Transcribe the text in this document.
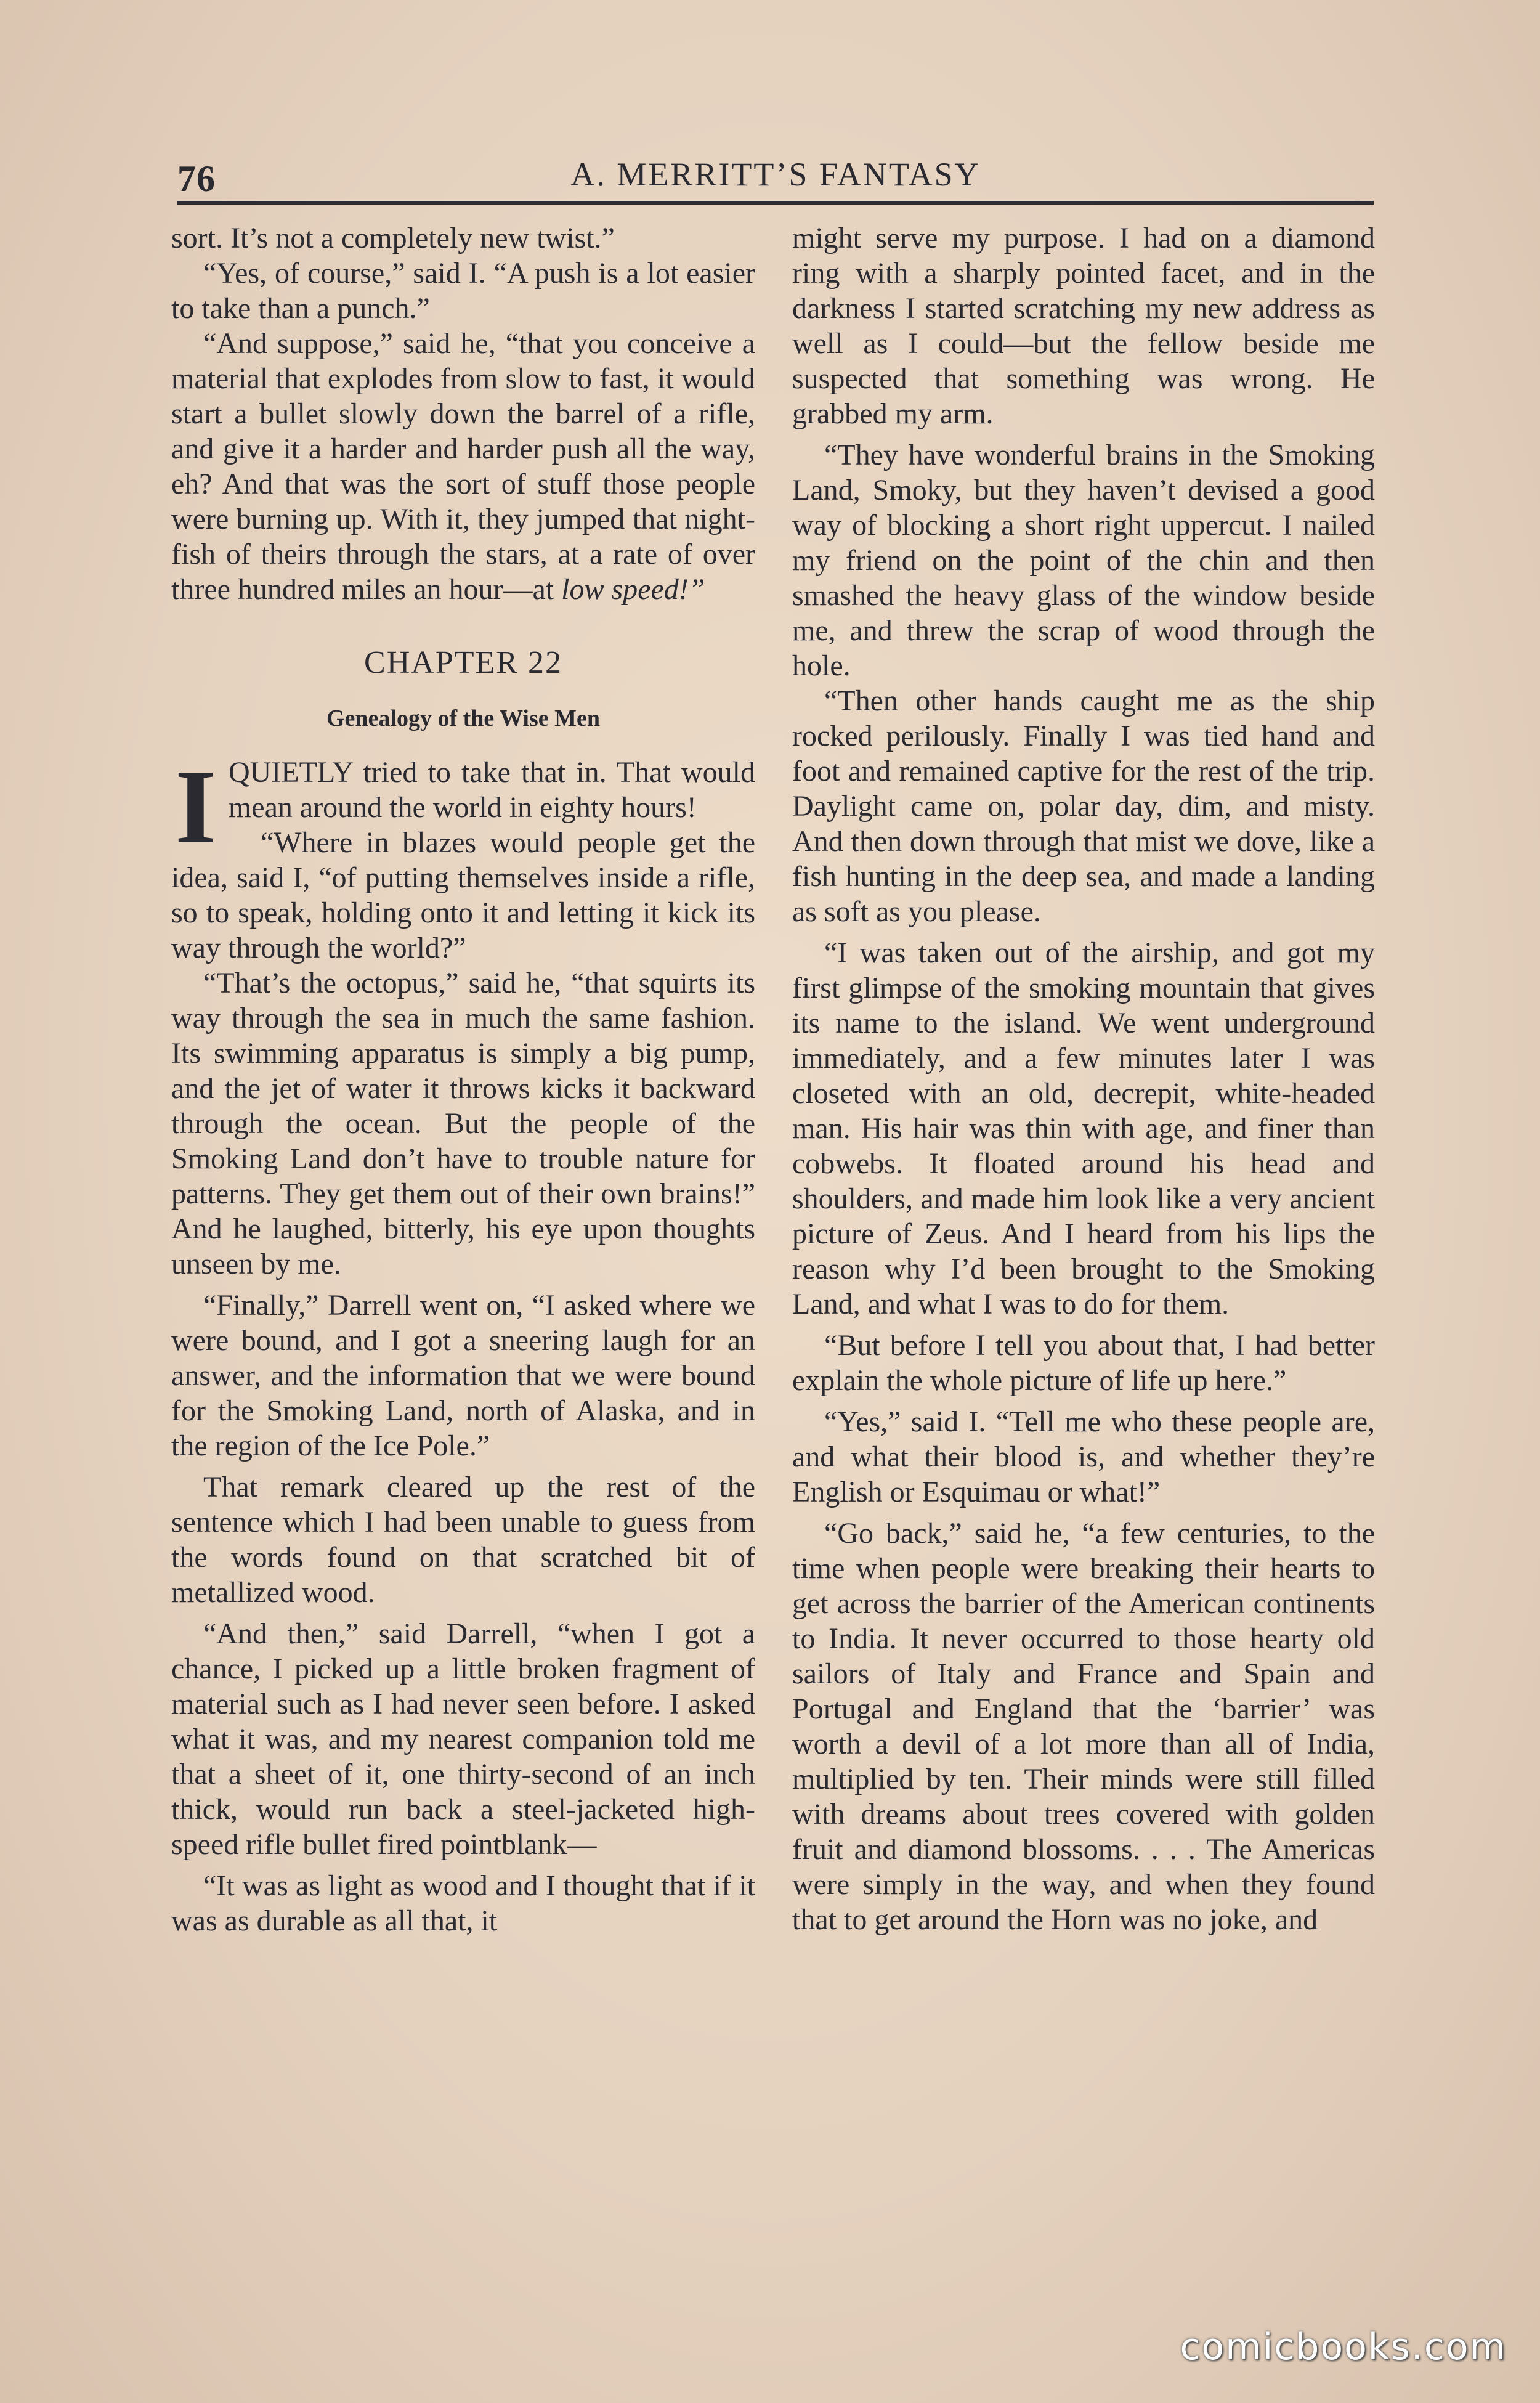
76	A. MERRITT’S FANTASY

sort. It’s not a completely new twist.”

“Yes, of course,” said I. “A push is a lot easier to take than a punch.”

“And suppose,” said he, “that you conceive a material that explodes from slow to fast, it would start a bullet slowly down the barrel of a rifle, and give it a harder and harder push all the way, eh? And that was the sort of stuff those people were burning up. With it, they jumped that night-fish of theirs through the stars, at a rate of over three hundred miles an hour—at low speed!”

CHAPTER 22
Genealogy of the Wise Men

IQUIETLY tried to take that in. That would mean around the world in eighty hours!

“Where in blazes would people get the idea, said I, “of putting themselves inside a rifle, so to speak, holding onto it and letting it kick its way through the world?”

“That’s the octopus,” said he, “that squirts its way through the sea in much the same fashion. Its swimming apparatus is simply a big pump, and the jet of water it throws kicks it backward through the ocean. But the people of the Smoking Land don’t have to trouble nature for patterns. They get them out of their own brains!” And he laughed, bitterly, his eye upon thoughts unseen by me.

“Finally,” Darrell went on, “I asked where we were bound, and I got a sneering laugh for an answer, and the information that we were bound for the Smoking Land, north of Alaska, and in the region of the Ice Pole.”

That remark cleared up the rest of the sentence which I had been unable to guess from the words found on that scratched bit of metallized wood.

“And then,” said Darrell, “when I got a chance, I picked up a little broken fragment of material such as I had never seen before. I asked what it was, and my nearest companion told me that a sheet of it, one thirty-second of an inch thick, would run back a steel-jacketed high-speed rifle bullet fired pointblank—

“It was as light as wood and I thought that if it was as durable as all that, it

might serve my purpose. I had on a diamond ring with a sharply pointed facet, and in the darkness I started scratching my new address as well as I could—but the fellow beside me suspected that something was wrong. He grabbed my arm.

“They have wonderful brains in the Smoking Land, Smoky, but they haven’t devised a good way of blocking a short right uppercut. I nailed my friend on the point of the chin and then smashed the heavy glass of the window beside me, and threw the scrap of wood through the hole.

“Then other hands caught me as the ship rocked perilously. Finally I was tied hand and foot and remained captive for the rest of the trip. Daylight came on, polar day, dim, and misty. And then down through that mist we dove, like a fish hunting in the deep sea, and made a landing as soft as you please.

“I was taken out of the airship, and got my first glimpse of the smoking mountain that gives its name to the island. We went underground immediately, and a few minutes later I was closeted with an old, decrepit, white-headed man. His hair was thin with age, and finer than cobwebs. It floated around his head and shoulders, and made him look like a very ancient picture of Zeus. And I heard from his lips the reason why I’d been brought to the Smoking Land, and what I was to do for them.

“But before I tell you about that, I had better explain the whole picture of life up here.”

“Yes,” said I. “Tell me who these people are, and what their blood is, and whether they’re English or Esquimau or what!”

“Go back,” said he, “a few centuries, to the time when people were breaking their hearts to get across the barrier of the American continents to India. It never occurred to those hearty old sailors of Italy and France and Spain and Portugal and England that the ‘barrier’ was worth a devil of a lot more than all of India, multiplied by ten. Their minds were still filled with dreams about trees covered with golden fruit and diamond blossoms. . . . The Americas were simply in the way, and when they found that to get around the Horn was no joke, and

comicbooks.com
